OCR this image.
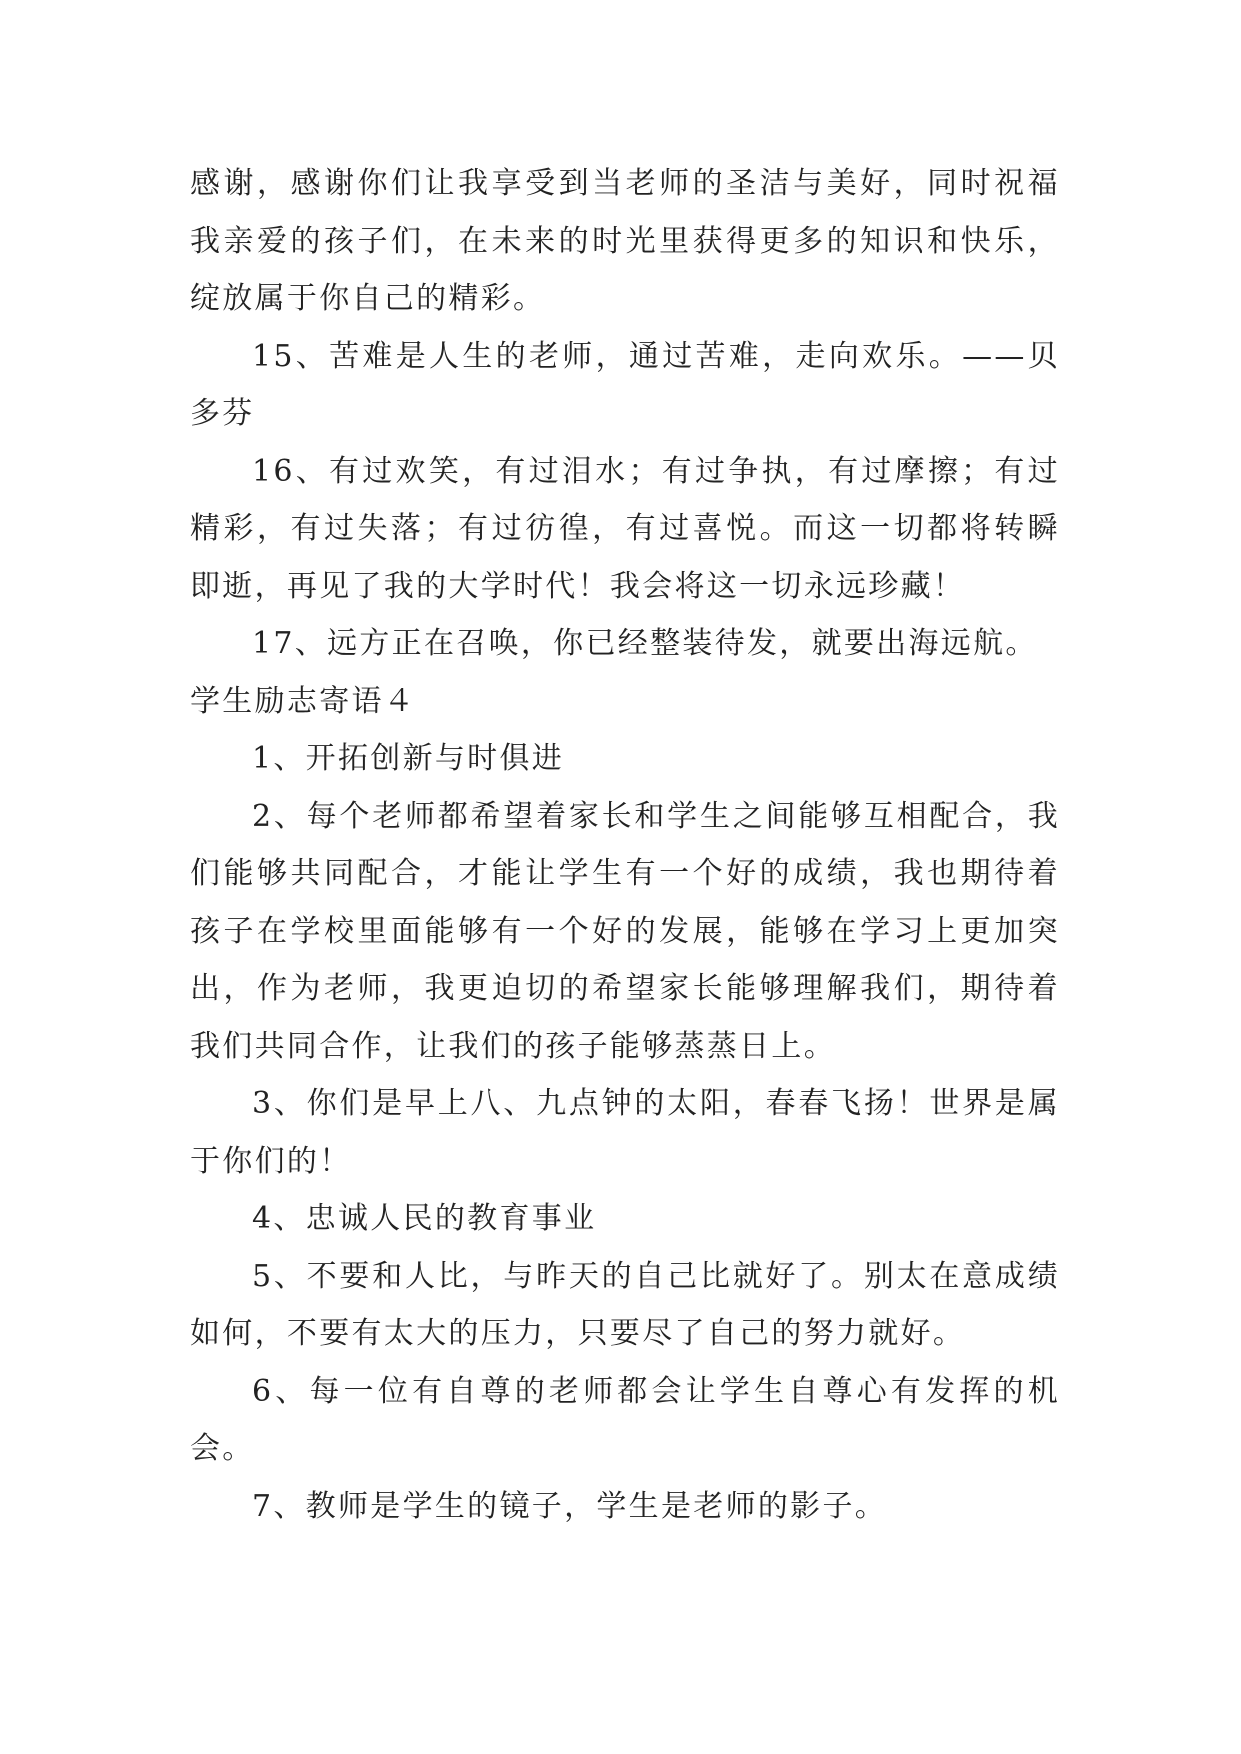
感谢，感谢你们让我享受到当老师的圣洁与美好，同时祝福我亲爱的孩子们，在未来的时光里获得更多的知识和快乐，绽放属于你自己的精彩。

15、苦难是人生的老师，通过苦难，走向欢乐。——贝多芬

16、有过欢笑，有过泪水；有过争执，有过摩擦；有过精彩，有过失落；有过彷徨，有过喜悦。而这一切都将转瞬即逝，再见了我的大学时代！我会将这一切永远珍藏！

17、远方正在召唤，你已经整装待发，就要出海远航。

学生励志寄语４

1、开拓创新与时俱进

2、每个老师都希望着家长和学生之间能够互相配合，我们能够共同配合，才能让学生有一个好的成绩，我也期待着孩子在学校里面能够有一个好的发展，能够在学习上更加突出，作为老师，我更迫切的希望家长能够理解我们，期待着我们共同合作，让我们的孩子能够蒸蒸日上。

3、你们是早上八、九点钟的太阳，春春飞扬！世界是属于你们的！

4、忠诚人民的教育事业

5、不要和人比，与昨天的自己比就好了。别太在意成绩如何，不要有太大的压力，只要尽了自己的努力就好。

6、每一位有自尊的老师都会让学生自尊心有发挥的机会。

7、教师是学生的镜子，学生是老师的影子。
